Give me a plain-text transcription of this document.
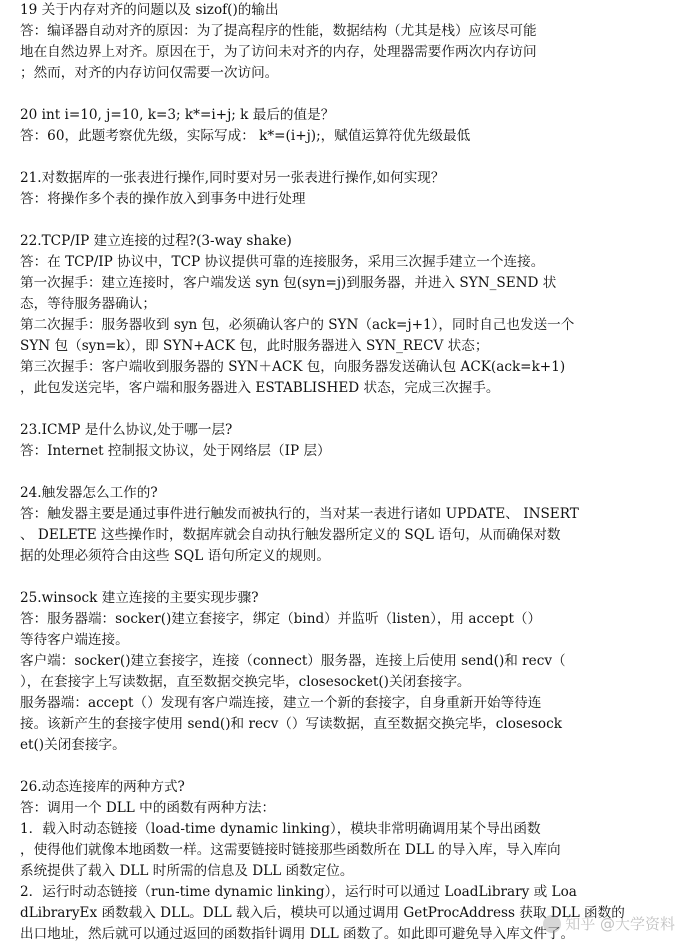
19 关于内存对齐的问题以及 sizof()的输出
答：编译器自动对齐的原因：为了提高程序的性能，数据结构（尤其是栈）应该尽可能
地在自然边界上对齐。原因在于，为了访问未对齐的内存，处理器需要作两次内存访问
；然而，对齐的内存访问仅需要一次访问。
20 int i=10, j=10, k=3; k*=i+j; k 最后的值是？
答：60，此题考察优先级，实际写成： k*=(i+j);，赋值运算符优先级最低
21.对数据库的一张表进行操作,同时要对另一张表进行操作,如何实现？
答：将操作多个表的操作放入到事务中进行处理
22.TCP/IP 建立连接的过程?(3-way shake)
答：在 TCP/IP 协议中，TCP 协议提供可靠的连接服务，采用三次握手建立一个连接。
第一次握手：建立连接时，客户端发送 syn 包(syn=j)到服务器，并进入 SYN_SEND 状
态，等待服务器确认；
第二次握手：服务器收到 syn 包，必须确认客户的 SYN（ack=j+1），同时自己也发送一个
SYN 包（syn=k），即 SYN+ACK 包，此时服务器进入 SYN_RECV 状态；
第三次握手：客户端收到服务器的 SYN＋ACK 包，向服务器发送确认包 ACK(ack=k+1)
，此包发送完毕，客户端和服务器进入 ESTABLISHED 状态，完成三次握手。
23.ICMP 是什么协议,处于哪一层?
答：Internet 控制报文协议，处于网络层（IP 层）
24.触发器怎么工作的?
答：触发器主要是通过事件进行触发而被执行的，当对某一表进行诸如 UPDATE、 INSERT
、 DELETE 这些操作时，数据库就会自动执行触发器所定义的 SQL 语句，从而确保对数
据的处理必须符合由这些 SQL 语句所定义的规则。
25.winsock 建立连接的主要实现步骤?
答：服务器端：socker()建立套接字，绑定（bind）并监听（listen），用 accept（）
等待客户端连接。
客户端：socker()建立套接字，连接（connect）服务器，连接上后使用 send()和 recv（
），在套接字上写读数据，直至数据交换完毕，closesocket()关闭套接字。
服务器端：accept（）发现有客户端连接，建立一个新的套接字，自身重新开始等待连
接。该新产生的套接字使用 send()和 recv（）写读数据，直至数据交换完毕，closesock
et()关闭套接字。
26.动态连接库的两种方式?
答：调用一个 DLL 中的函数有两种方法：
1．载入时动态链接（load-time dynamic linking），模块非常明确调用某个导出函数
，使得他们就像本地函数一样。这需要链接时链接那些函数所在 DLL 的导入库，导入库向
系统提供了载入 DLL 时所需的信息及 DLL 函数定位。
2．运行时动态链接（run-time dynamic linking），运行时可以通过 LoadLibrary 或 Loa
dLibraryEx 函数载入 DLL。DLL 载入后，模块可以通过调用 GetProcAddress 获取 DLL 函数的
出口地址，然后就可以通过返回的函数指针调用 DLL 函数了。如此即可避免导入库文件了。
知乎 @大学资料
